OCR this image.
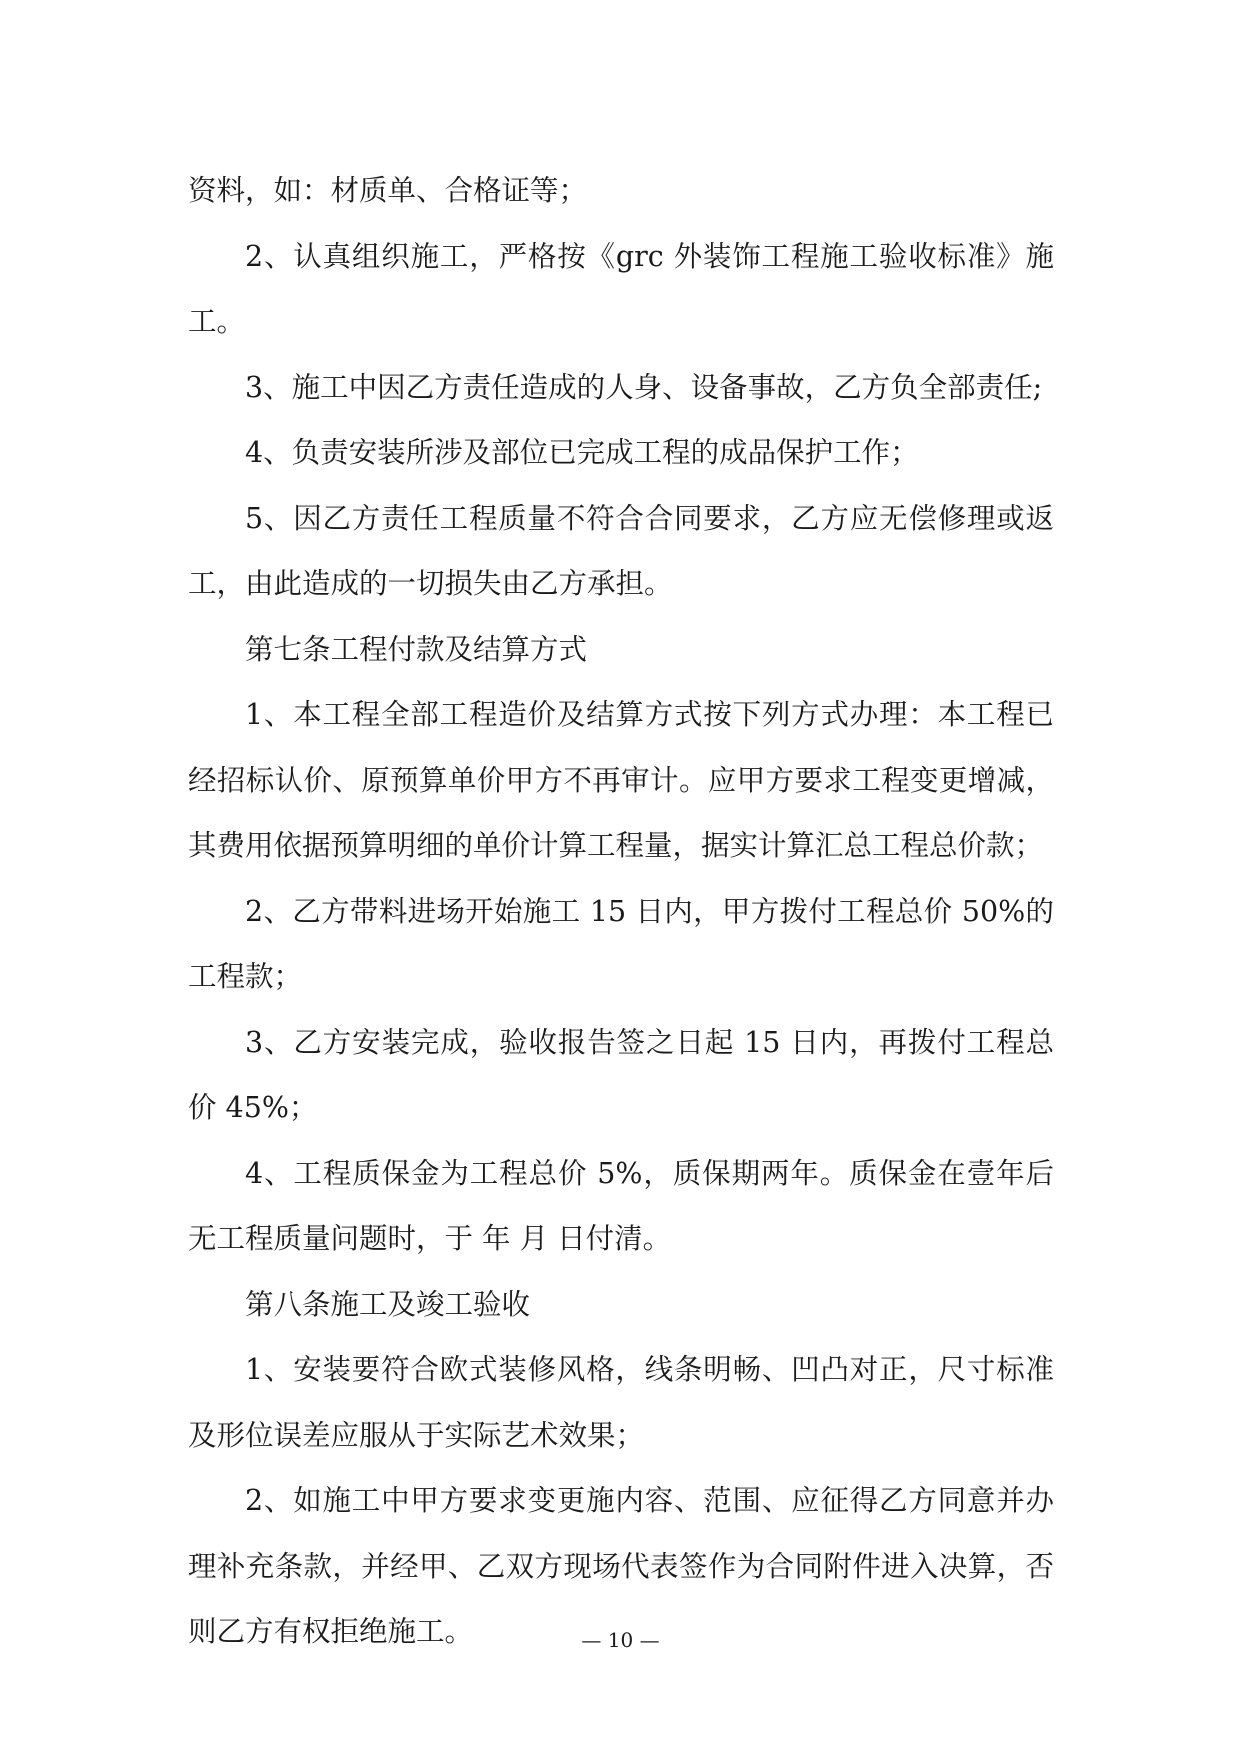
资料，如：材质单、合格证等；

2、认真组织施工，严格按《grc 外装饰工程施工验收标准》施工。

3、施工中因乙方责任造成的人身、设备事故，乙方负全部责任;

4、负责安装所涉及部位已完成工程的成品保护工作；

5、因乙方责任工程质量不符合合同要求，乙方应无偿修理或返工，由此造成的一切损失由乙方承担。

第七条工程付款及结算方式

1、本工程全部工程造价及结算方式按下列方式办理：本工程已经招标认价、原预算单价甲方不再审计。应甲方要求工程变更增减，其费用依据预算明细的单价计算工程量，据实计算汇总工程总价款；

2、乙方带料进场开始施工 15 日内，甲方拨付工程总价 50%的工程款；

3、乙方安装完成，验收报告签之日起 15 日内，再拨付工程总价 45%；

4、工程质保金为工程总价 5%，质保期两年。质保金在壹年后无工程质量问题时，于 年 月 日付清。

第八条施工及竣工验收

1、安装要符合欧式装修风格，线条明畅、凹凸对正，尺寸标准及形位误差应服从于实际艺术效果；

2、如施工中甲方要求变更施内容、范围、应征得乙方同意并办理补充条款，并经甲、乙双方现场代表签作为合同附件进入决算，否则乙方有权拒绝施工。	— 10 —
